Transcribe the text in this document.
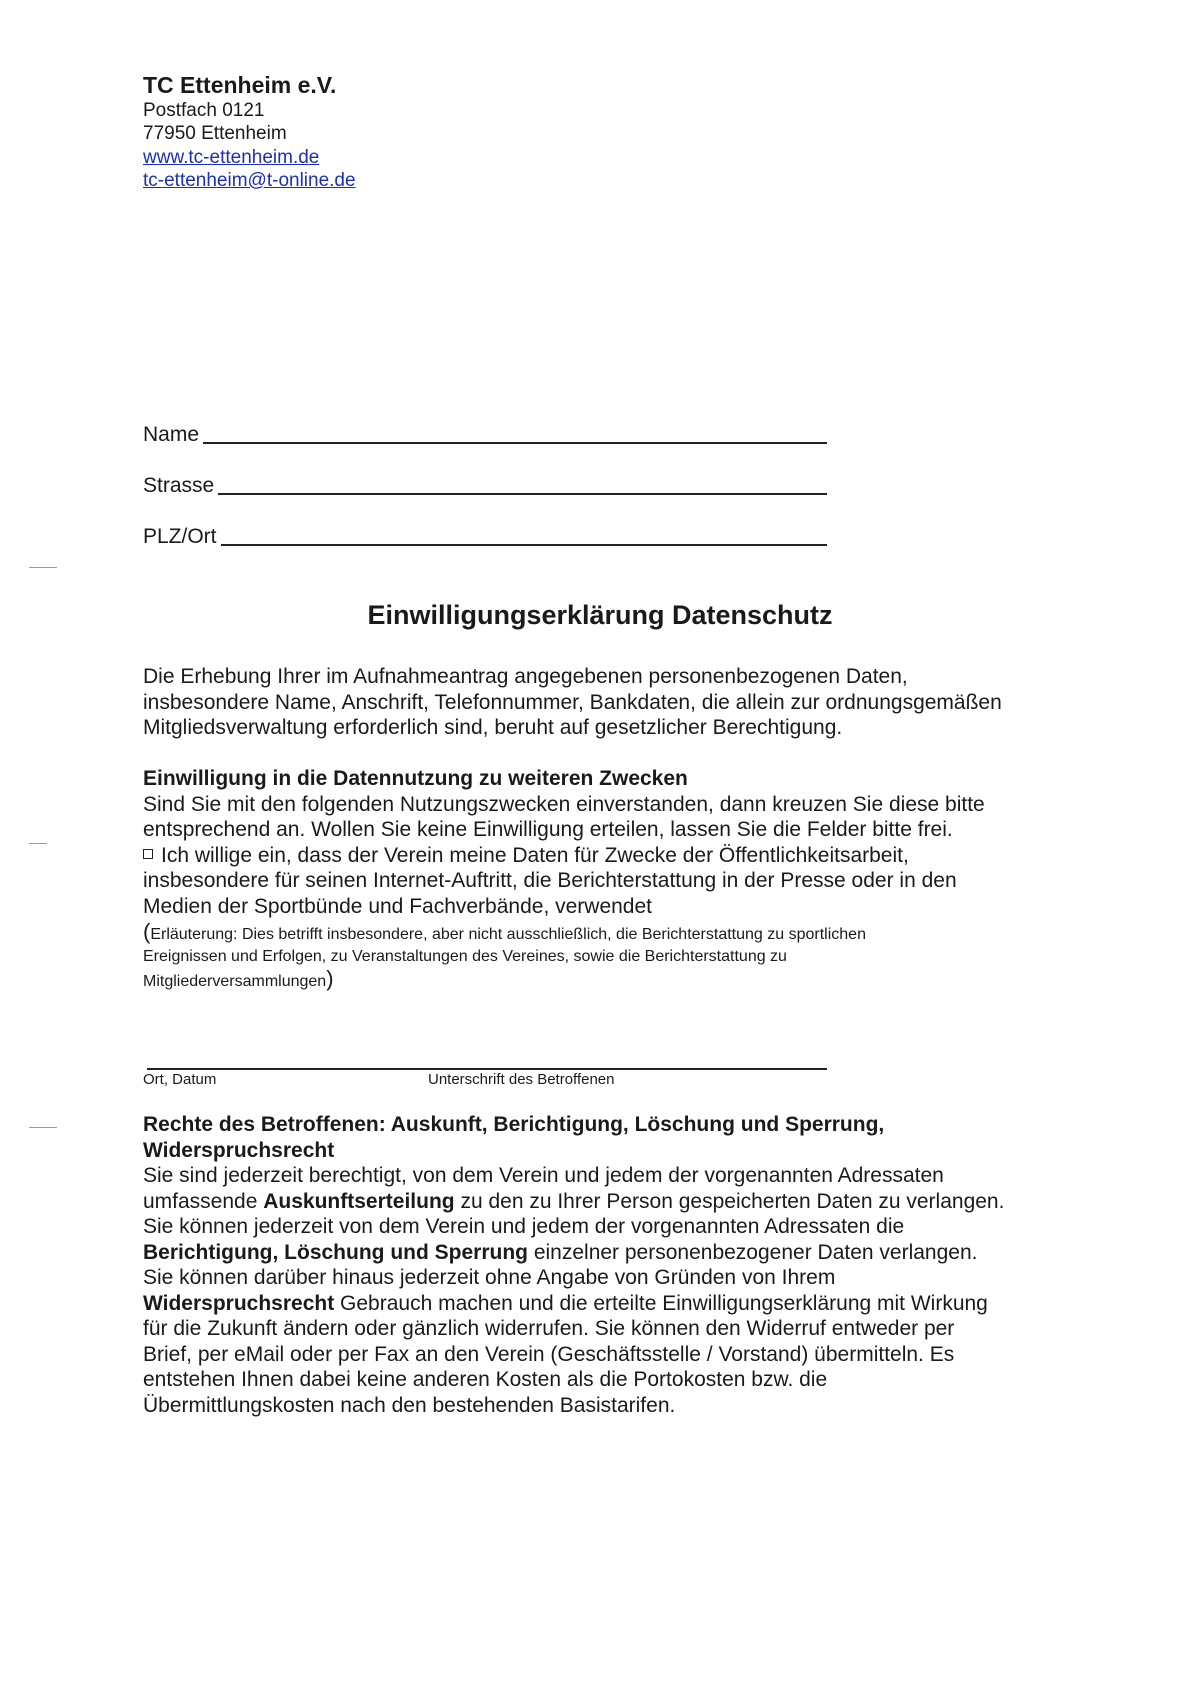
TC Ettenheim e.V.
Postfach 0121
77950 Ettenheim
www.tc-ettenheim.de
tc-ettenheim@t-online.de
Name
Strasse
PLZ/Ort
Einwilligungserklärung Datenschutz
Die Erhebung Ihrer im Aufnahmeantrag angegebenen personenbezogenen Daten,
insbesondere Name, Anschrift, Telefonnummer, Bankdaten, die allein zur ordnungsgemäßen
Mitgliedsverwaltung erforderlich sind, beruht auf gesetzlicher Berechtigung.
Einwilligung in die Datennutzung zu weiteren Zwecken
Sind Sie mit den folgenden Nutzungszwecken einverstanden, dann kreuzen Sie diese bitte
entsprechend an. Wollen Sie keine Einwilligung erteilen, lassen Sie die Felder bitte frei.
Ich willige ein, dass der Verein meine Daten für Zwecke der Öffentlichkeitsarbeit,
insbesondere für seinen Internet-Auftritt, die Berichterstattung in der Presse oder in den
Medien der Sportbünde und Fachverbände, verwendet
(Erläuterung: Dies betrifft insbesondere, aber nicht ausschließlich, die Berichterstattung zu sportlichen
Ereignissen und Erfolgen, zu Veranstaltungen des Vereines, sowie die Berichterstattung zu
Mitgliederversammlungen)
Ort, Datum	Unterschrift des Betroffenen
Rechte des Betroffenen: Auskunft, Berichtigung, Löschung und Sperrung,
Widerspruchsrecht
Sie sind jederzeit berechtigt, von dem Verein und jedem der vorgenannten Adressaten
umfassende Auskunftserteilung zu den zu Ihrer Person gespeicherten Daten zu verlangen.
Sie können jederzeit von dem Verein und jedem der vorgenannten Adressaten die
Berichtigung, Löschung und Sperrung einzelner personenbezogener Daten verlangen.
Sie können darüber hinaus jederzeit ohne Angabe von Gründen von Ihrem
Widerspruchsrecht Gebrauch machen und die erteilte Einwilligungserklärung mit Wirkung
für die Zukunft ändern oder gänzlich widerrufen. Sie können den Widerruf entweder per
Brief, per eMail oder per Fax an den Verein (Geschäftsstelle / Vorstand) übermitteln. Es
entstehen Ihnen dabei keine anderen Kosten als die Portokosten bzw. die
Übermittlungskosten nach den bestehenden Basistarifen.
